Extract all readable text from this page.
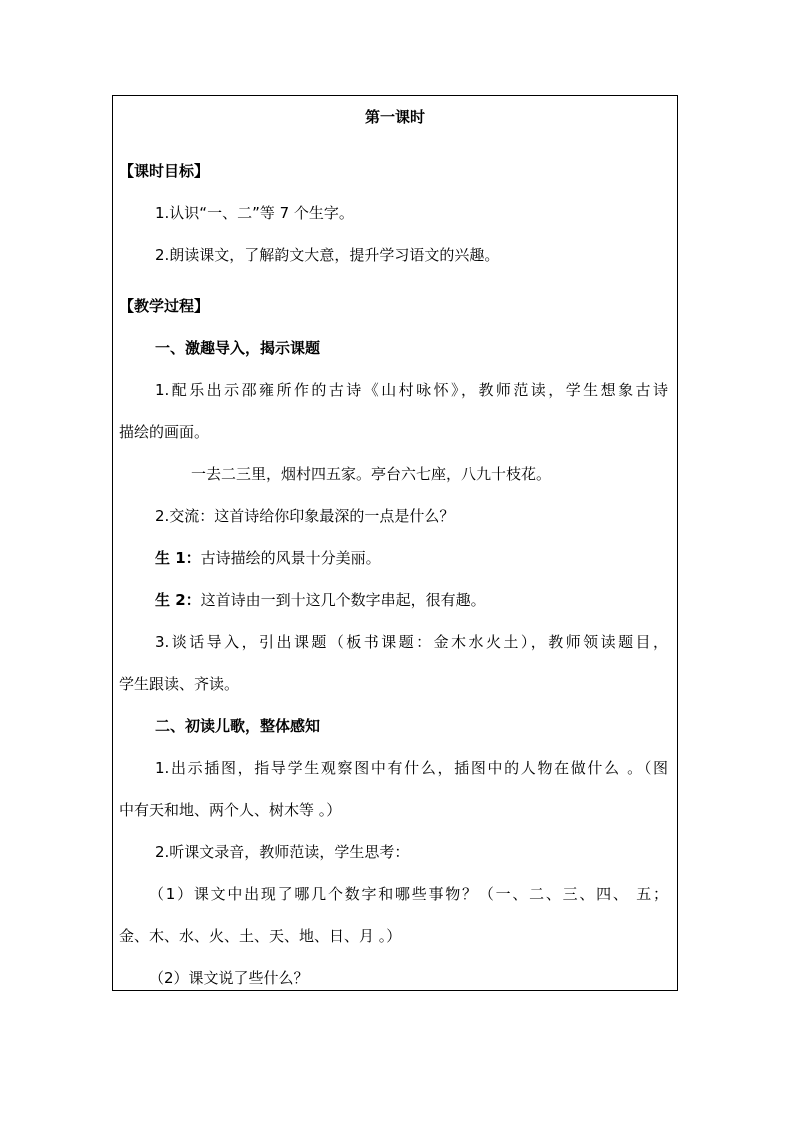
第一课时

【课时目标】

1.认识“一、二”等 7 个生字。

2.朗读课文，了解韵文大意，提升学习语文的兴趣。

【教学过程】

一、激趣导入，揭示课题

1.配乐出示邵雍所作的古诗《山村咏怀》，教师范读，学生想象古诗

描绘的画面。

一去二三里，烟村四五家。亭台六七座，八九十枝花。

2.交流：这首诗给你印象最深的一点是什么？

生 1：古诗描绘的风景十分美丽。

生 2：这首诗由一到十这几个数字串起，很有趣。

3.谈话导入，引出课题（板书课题：金木水火土），教师领读题目，

学生跟读、齐读。

二、初读儿歌，整体感知

1.出示插图，指导学生观察图中有什么，插图中的人物在做什么 。（图

中有天和地、两个人、树木等 。）

2.听课文录音，教师范读，学生思考：

（1）课文中出现了哪几个数字和哪些事物？（一、二、三、四、 五；

金、木、水、火、土、天、地、日、月 。）

（2）课文说了些什么？
